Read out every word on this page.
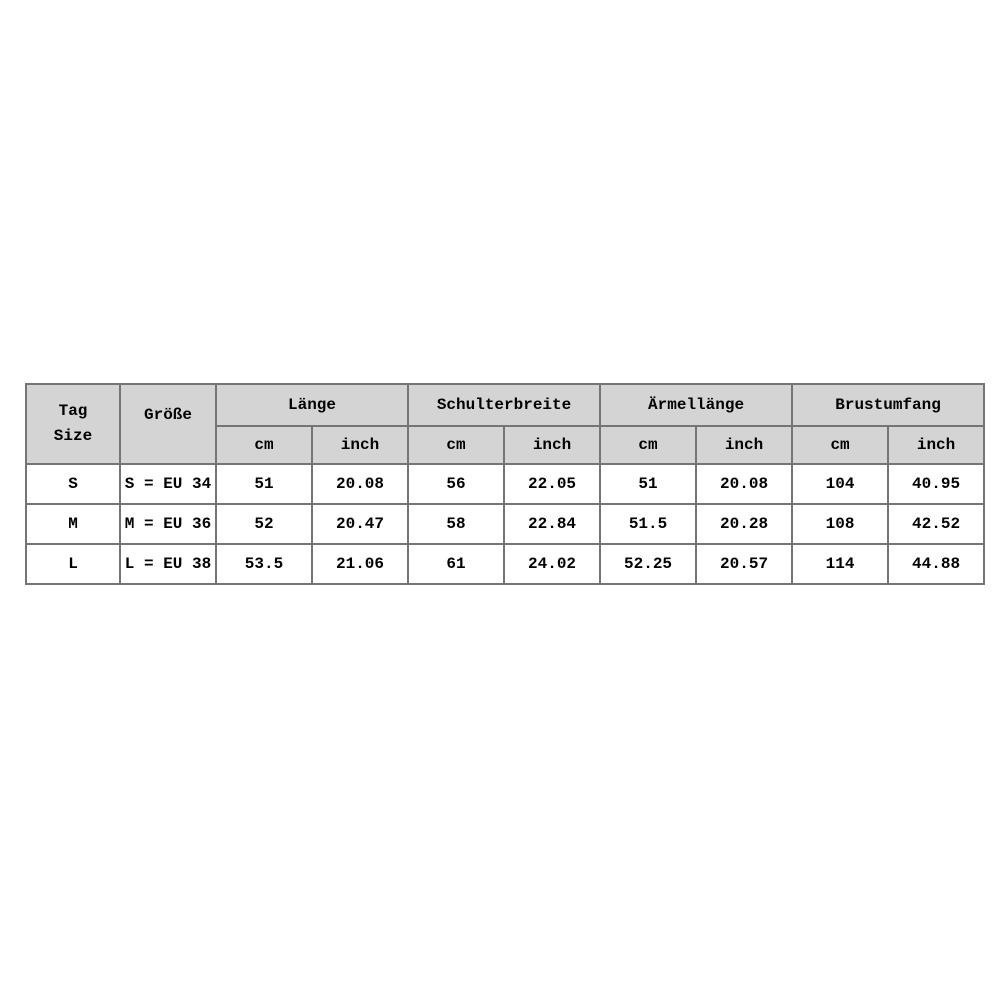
Tag
Size	Größe	Länge		Schulterbreite		Ärmellänge		Brustumfang	
		cm	inch	cm	inch	cm	inch	cm	inch
S	S = EU 34	51	20.08	56	22.05	51	20.08	104	40.95
M	M = EU 36	52	20.47	58	22.84	51.5	20.28	108	42.52
L	L = EU 38	53.5	21.06	61	24.02	52.25	20.57	114	44.88
